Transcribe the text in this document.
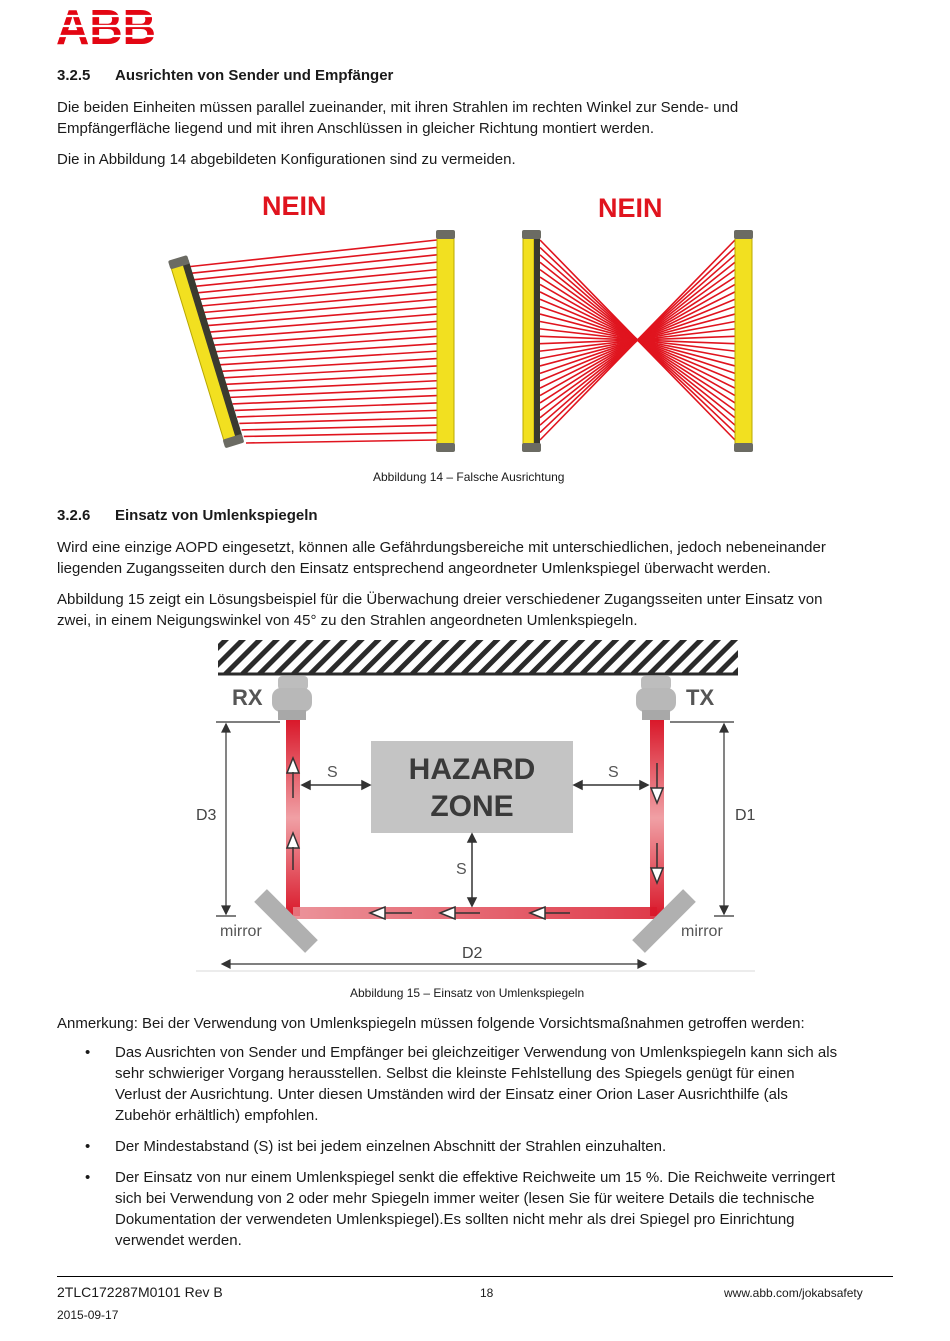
ABB
3.2.5 Ausrichten von Sender und Empfänger
Die beiden Einheiten müssen parallel zueinander, mit ihren Strahlen im rechten Winkel zur Sende- und
Empfängerfläche liegend und mit ihren Anschlüssen in gleicher Richtung montiert werden.
Die in Abbildung 14 abgebildeten Konfigurationen sind zu vermeiden.
NEIN	NEIN
Abbildung 14 – Falsche Ausrichtung
3.2.6 Einsatz von Umlenkspiegeln
Wird eine einzige AOPD eingesetzt, können alle Gefährdungsbereiche mit unterschiedlichen, jedoch nebeneinander
liegenden Zugangsseiten durch den Einsatz entsprechend angeordneter Umlenkspiegel überwacht werden.
Abbildung 15 zeigt ein Lösungsbeispiel für die Überwachung dreier verschiedener Zugangsseiten unter Einsatz von
zwei, in einem Neigungswinkel von 45° zu den Strahlen angeordneten Umlenkspiegeln.
RX	TX
mirror	mirror
HAZARD
ZONE
S	S
S
D3	D1
D2
Abbildung 15 – Einsatz von Umlenkspiegeln
Anmerkung: Bei der Verwendung von Umlenkspiegeln müssen folgende Vorsichtsmaßnahmen getroffen werden:
• Das Ausrichten von Sender und Empfänger bei gleichzeitiger Verwendung von Umlenkspiegeln kann sich als
sehr schwieriger Vorgang herausstellen. Selbst die kleinste Fehlstellung des Spiegels genügt für einen
Verlust der Ausrichtung. Unter diesen Umständen wird der Einsatz einer Orion Laser Ausrichthilfe (als
Zubehör erhältlich) empfohlen.
• Der Mindestabstand (S) ist bei jedem einzelnen Abschnitt der Strahlen einzuhalten.
• Der Einsatz von nur einem Umlenkspiegel senkt die effektive Reichweite um 15 %. Die Reichweite verringert
sich bei Verwendung von 2 oder mehr Spiegeln immer weiter (lesen Sie für weitere Details die technische
Dokumentation der verwendeten Umlenkspiegel).Es sollten nicht mehr als drei Spiegel pro Einrichtung
verwendet werden.
2TLC172287M0101 Rev B	18	www.abb.com/jokabsafety
2015-09-17
